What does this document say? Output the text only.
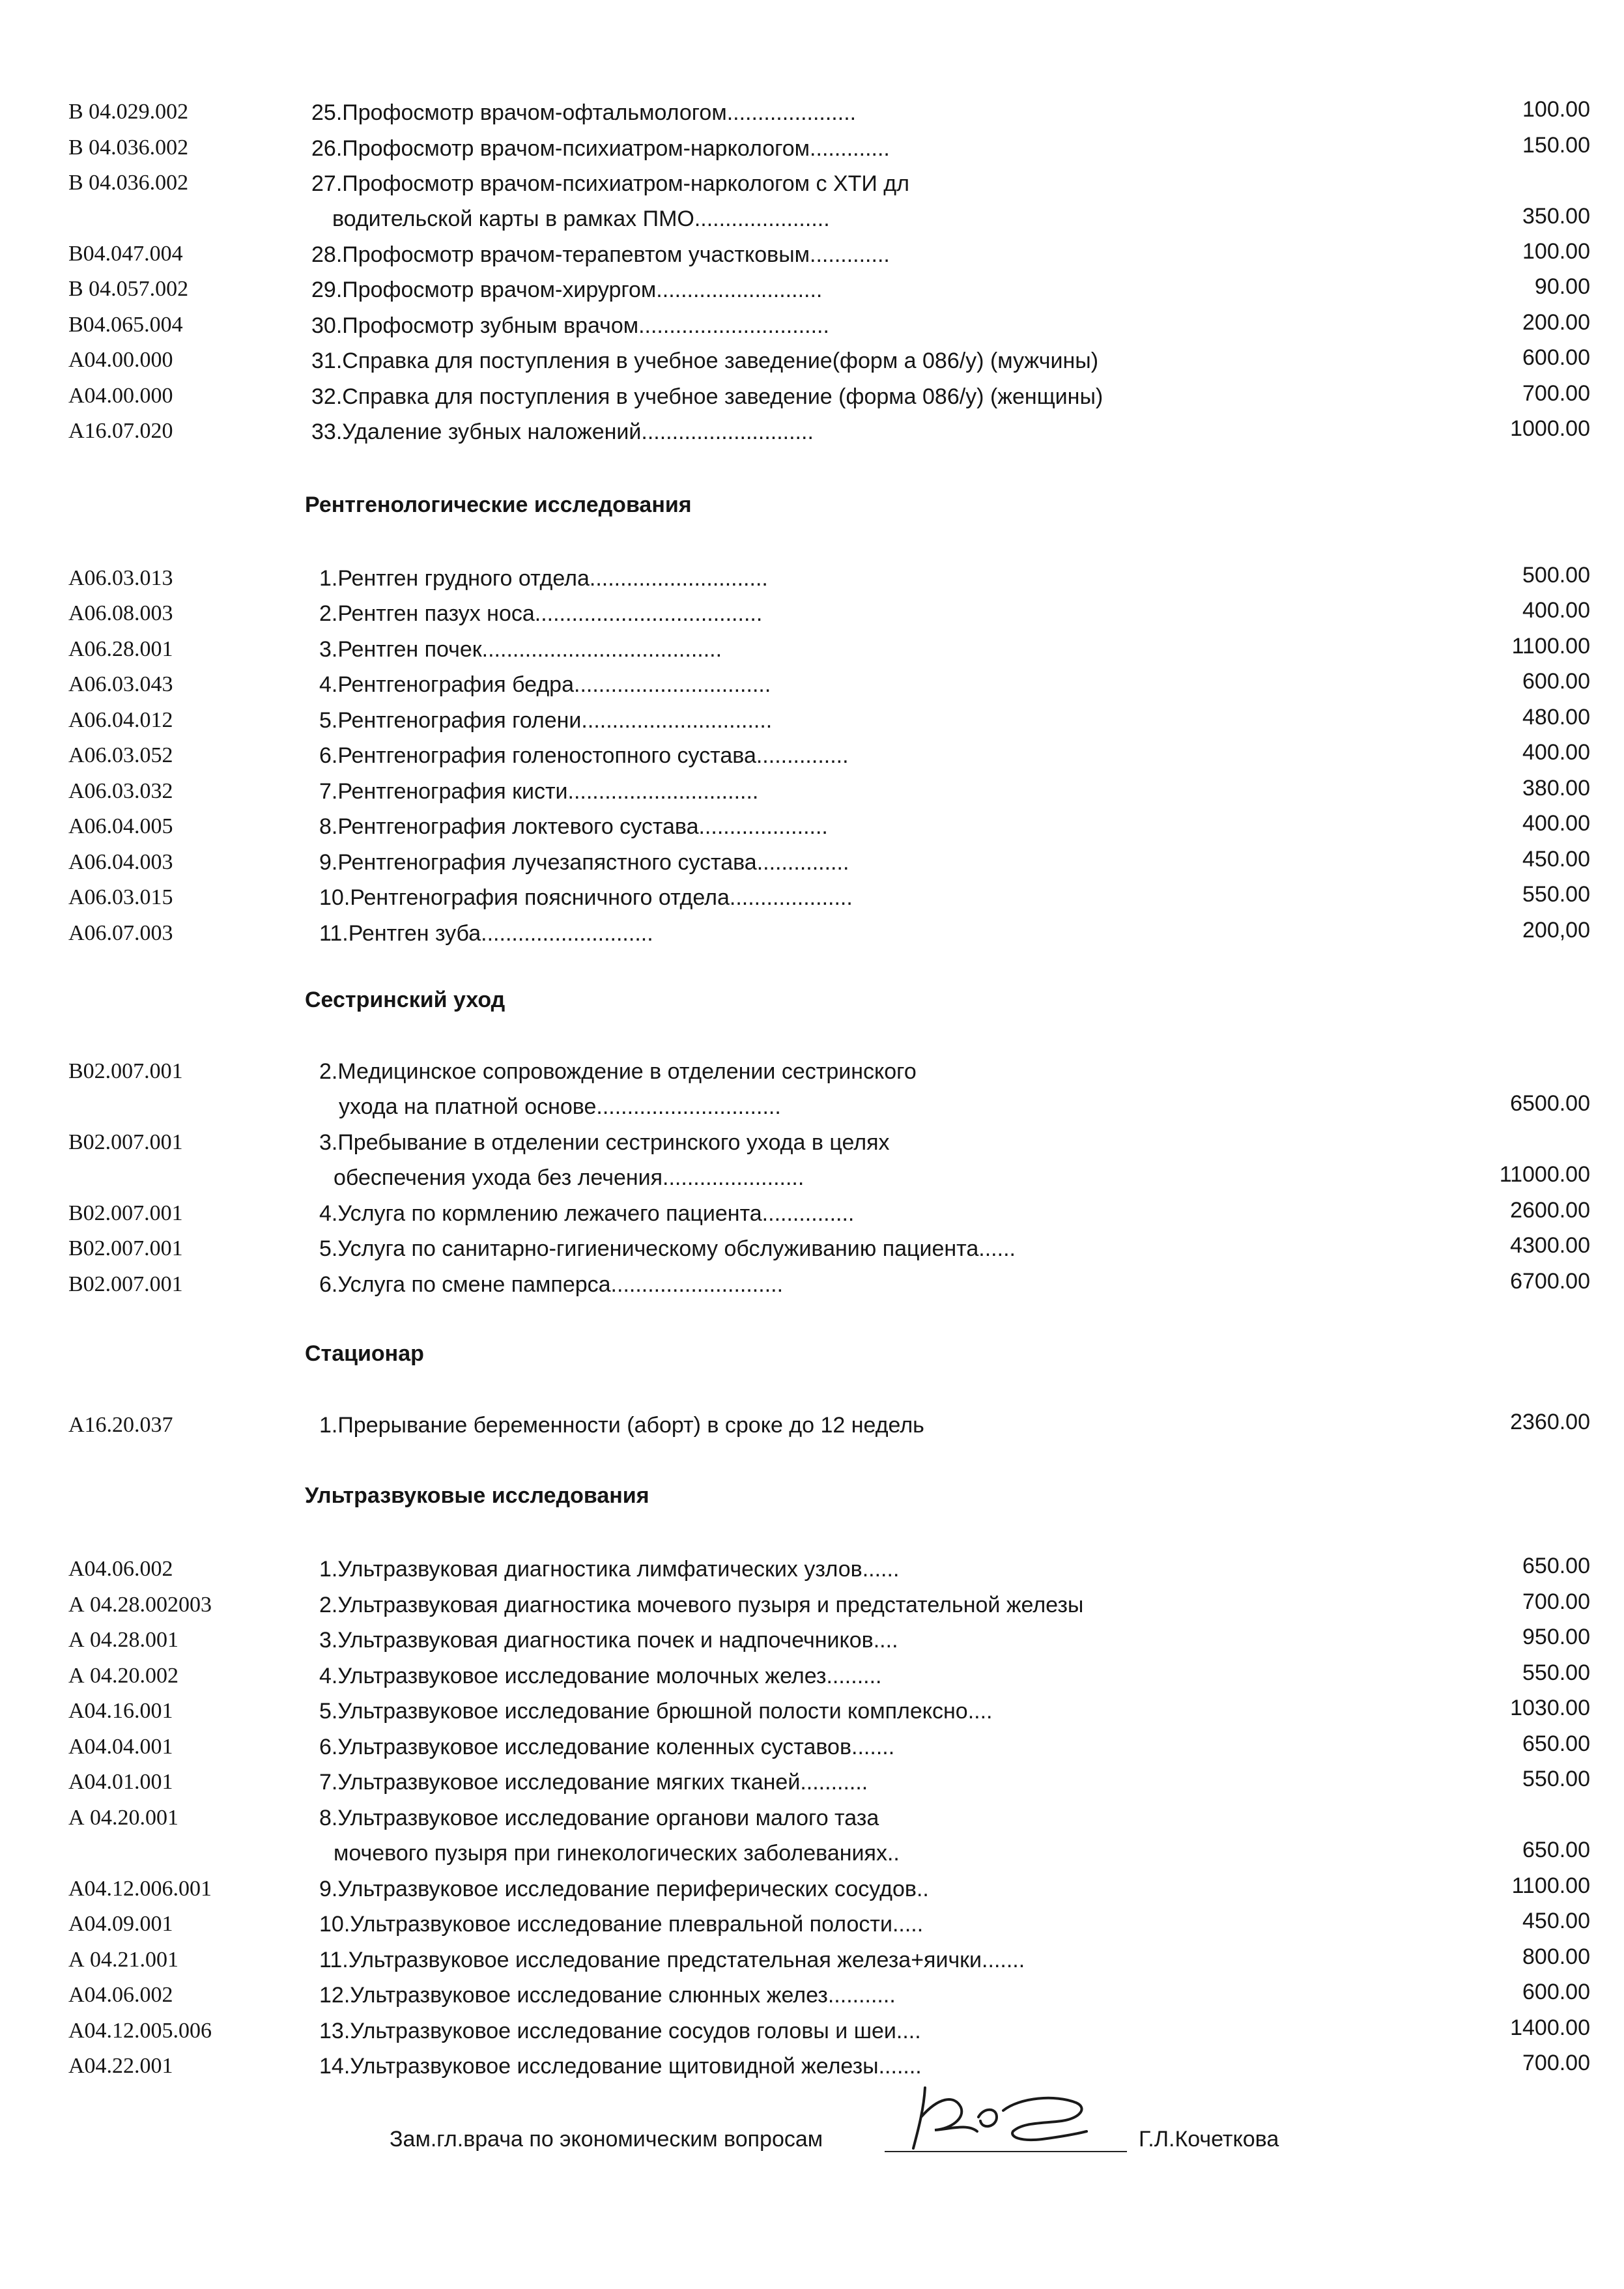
В 04.029.002	25.Профосмотр врачом-офтальмологом.....................	100.00
В 04.036.002	26.Профосмотр врачом-психиатром-наркологом.............	150.00
В 04.036.002	27.Профосмотр врачом-психиатром-наркологом с ХТИ дл
водительской карты в рамках ПМО......................	350.00
В04.047.004	28.Профосмотр врачом-терапевтом участковым.............	100.00
В 04.057.002	29.Профосмотр врачом-хирургом...........................	90.00
В04.065.004	30.Профосмотр зубным врачом...............................	200.00
А04.00.000	31.Справка для поступления в учебное заведение(форм а 086/у) (мужчины)	600.00
А04.00.000	32.Справка для поступления в учебное заведение (форма 086/у) (женщины)	700.00
А16.07.020	33.Удаление зубных наложений............................	1000.00
Рентгенологические исследования
А06.03.013	1.Рентген грудного отдела.............................	500.00
А06.08.003	2.Рентген пазух носа.....................................	400.00
А06.28.001	3.Рентген почек.......................................	1100.00
А06.03.043	4.Рентгенография бедра................................	600.00
А06.04.012	5.Рентгенография голени...............................	480.00
А06.03.052	6.Рентгенография голеностопного сустава...............	400.00
А06.03.032	7.Рентгенография кисти...............................	380.00
А06.04.005	8.Рентгенография локтевого сустава.....................	400.00
А06.04.003	9.Рентгенография лучезапястного сустава...............	450.00
А06.03.015	10.Рентгенография поясничного отдела....................	550.00
А06.07.003	11.Рентген зуба............................	200,00
Сестринский уход
В02.007.001	2.Медицинское сопровождение в отделении сестринского
ухода на платной основе..............................	6500.00
В02.007.001	3.Пребывание в отделении сестринского ухода в целях
обеспечения ухода без лечения.......................	11000.00
В02.007.001	4.Услуга по кормлению лежачего пациента...............	2600.00
В02.007.001	5.Услуга по санитарно-гигиеническому обслуживанию пациента......	4300.00
В02.007.001	6.Услуга по смене памперса............................	6700.00
Стационар
А16.20.037	1.Прерывание беременности (аборт) в сроке до 12 недель	2360.00
Ультразвуковые исследования
А04.06.002	1.Ультразвуковая диагностика лимфатических узлов......	650.00
А 04.28.002003	2.Ультразвуковая диагностика мочевого пузыря и предстательной железы	700.00
А 04.28.001	3.Ультразвуковая диагностика почек и надпочечников....	950.00
А 04.20.002	4.Ультразвуковое исследование молочных желез.........	550.00
А04.16.001	5.Ультразвуковое исследование брюшной полости комплексно....	1030.00
А04.04.001	6.Ультразвуковое исследование коленных суставов.......	650.00
А04.01.001	7.Ультразвуковое исследование мягких тканей...........	550.00
А 04.20.001	8.Ультразвуковое исследование органови малого таза
мочевого пузыря при гинекологических заболеваниях..	650.00
А04.12.006.001	9.Ультразвуковое исследование периферических сосудов..	1100.00
А04.09.001	10.Ультразвуковое исследование плевральной полости.....	450.00
А 04.21.001	11.Ультразвуковое исследование предстательная железа+яички.......	800.00
А04.06.002	12.Ультразвуковое исследование слюнных желез...........	600.00
А04.12.005.006	13.Ультразвуковое исследование сосудов головы и шеи....	1400.00
А04.22.001	14.Ультразвуковое исследование щитовидной железы.......	700.00
Зам.гл.врача по экономическим вопросам	Г.Л.Кочеткова
